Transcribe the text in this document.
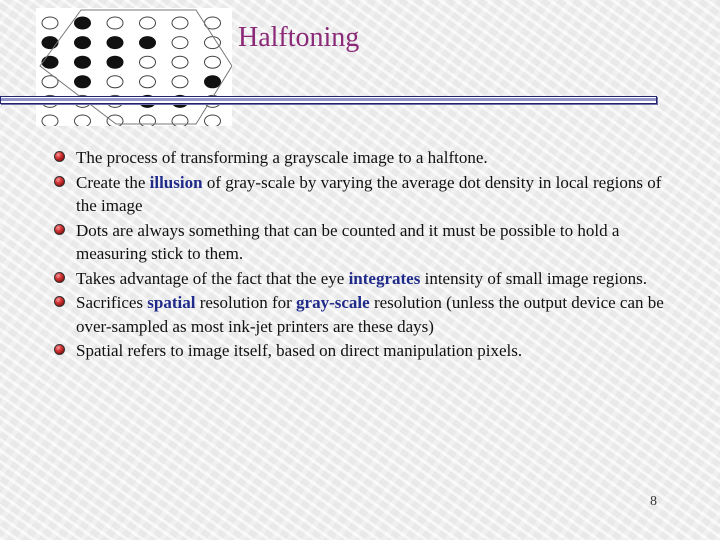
Halftoning
The process of transforming a grayscale image to a halftone.
Create the illusion of gray-scale by varying the average dot density in local regions of the image
Dots are always something that can be counted and it must be possible to hold a measuring stick to them.
Takes advantage of the fact that the eye integrates intensity of small image regions.
Sacrifices spatial resolution for gray-scale resolution (unless the output device can be over-sampled as most ink-jet printers are these days)
Spatial refers to image itself, based on direct manipulation pixels.
8
